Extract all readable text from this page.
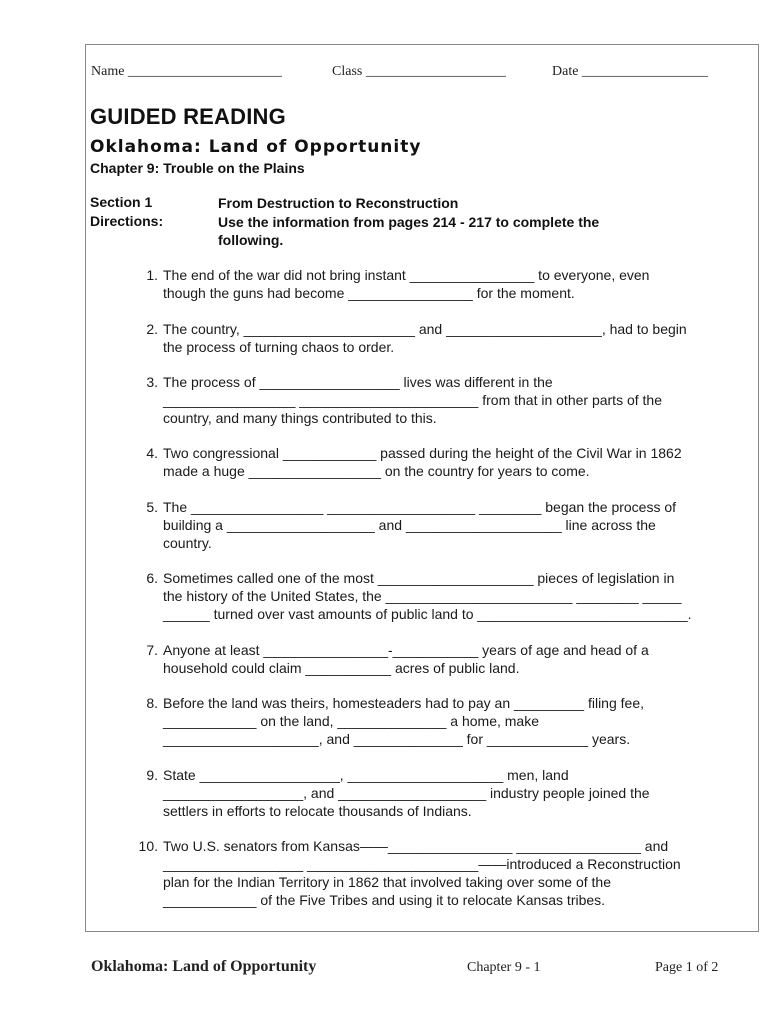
Name ______________________	Class ____________________	Date __________________
GUIDED READING
Oklahoma: Land of Opportunity
Chapter 9: Trouble on the Plains
Section 1	From Destruction to Reconstruction
Directions:	Use the information from pages 214 - 217 to complete the
following.
1. The end of the war did not bring instant ________________ to everyone, even
though the guns had become ________________ for the moment.
2. The country, ______________________ and ____________________, had to begin
the process of turning chaos to order.
3. The process of __________________ lives was different in the
_________________ _______________________ from that in other parts of the
country, and many things contributed to this.
4. Two congressional ____________ passed during the height of the Civil War in 1862
made a huge _________________ on the country for years to come.
5. The _________________ ___________________ ________ began the process of
building a ___________________ and ____________________ line across the
country.
6. Sometimes called one of the most ____________________ pieces of legislation in
the history of the United States, the ________________________ ________ _____
______ turned over vast amounts of public land to ___________________________.
7. Anyone at least ________________-___________ years of age and head of a
household could claim ___________ acres of public land.
8. Before the land was theirs, homesteaders had to pay an _________ filing fee,
____________ on the land, ______________ a home, make
____________________, and ______________ for _____________ years.
9. State __________________, ____________________ men, land
__________________, and ___________________ industry people joined the
settlers in efforts to relocate thousands of Indians.
10. Two U.S. senators from Kansas——________________ ________________ and
__________________ ______________________——introduced a Reconstruction
plan for the Indian Territory in 1862 that involved taking over some of the
____________ of the Five Tribes and using it to relocate Kansas tribes.
Oklahoma: Land of Opportunity	Chapter 9 - 1	Page 1 of 2
